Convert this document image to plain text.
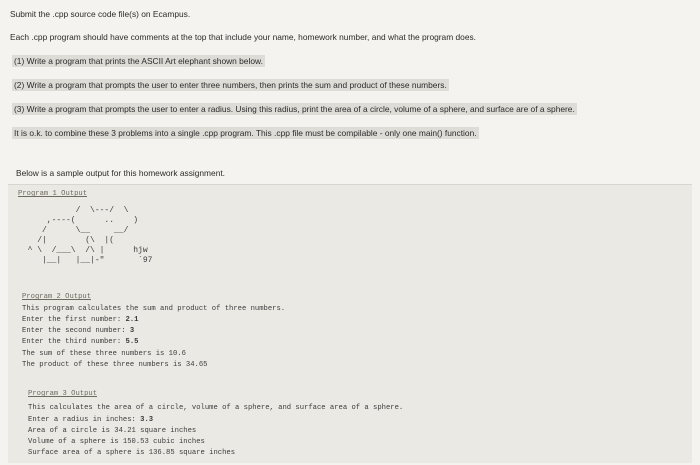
Submit the .cpp source code file(s) on Ecampus.
Each .cpp program should have comments at the top that include your name, homework number, and what the program does.
(1) Write a program that prints the ASCII Art elephant shown below.
(2) Write a program that prompts the user to enter three numbers, then prints the sum and product of these numbers.
(3) Write a program that prompts the user to enter a radius. Using this radius, print the area of a circle, volume of a sphere, and surface are of a sphere.
It is o.k. to combine these 3 problems into a single .cpp program. This .cpp file must be compilable - only one main() function.
Below is a sample output for this homework assignment.
Program 1 Output
/  \---/  \
,----(      ..    )
/      \__     __/
/|        (\  |(
^ \  /___\  /\ |      hjw
|__|   |__|-"       `97
Program 2 Output
This program calculates the sum and product of three numbers.
Enter the first number: 2.1
Enter the second number: 3
Enter the third number: 5.5
The sum of these three numbers is 10.6
The product of these three numbers is 34.65
Program 3 Output
This calculates the area of a circle, volume of a sphere, and surface area of a sphere.
Enter a radius in inches: 3.3
Area of a circle is 34.21 square inches
Volume of a sphere is 150.53 cubic inches
Surface area of a sphere is 136.85 square inches
